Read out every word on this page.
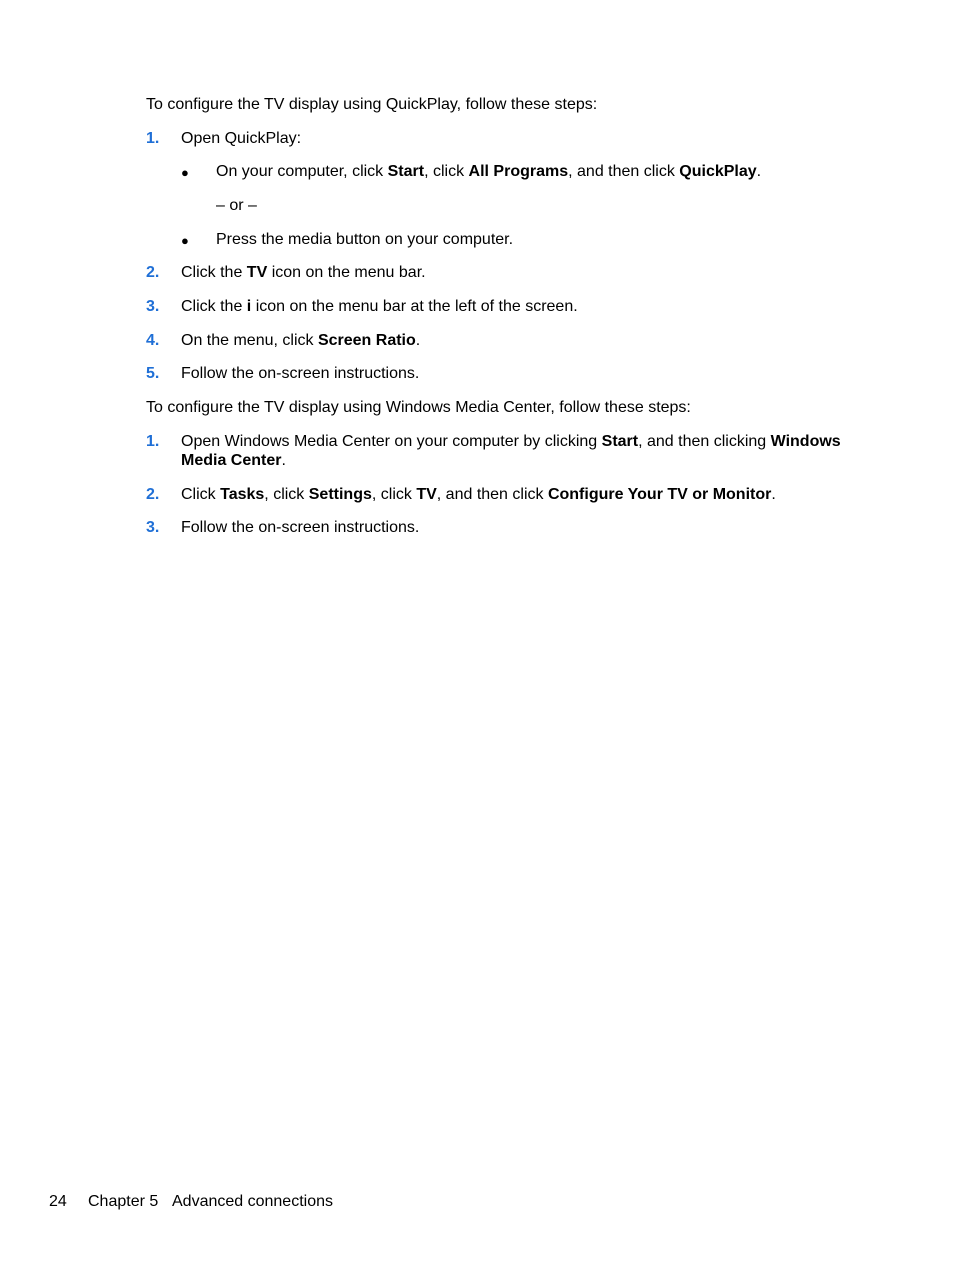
To configure the TV display using QuickPlay, follow these steps:
1. Open QuickPlay:
● On your computer, click Start, click All Programs, and then click QuickPlay.
– or –
● Press the media button on your computer.
2. Click the TV icon on the menu bar.
3. Click the i icon on the menu bar at the left of the screen.
4. On the menu, click Screen Ratio.
5. Follow the on-screen instructions.
To configure the TV display using Windows Media Center, follow these steps:
1. Open Windows Media Center on your computer by clicking Start, and then clicking Windows
Media Center.
2. Click Tasks, click Settings, click TV, and then click Configure Your TV or Monitor.
3. Follow the on-screen instructions.
24 Chapter 5 Advanced connections
